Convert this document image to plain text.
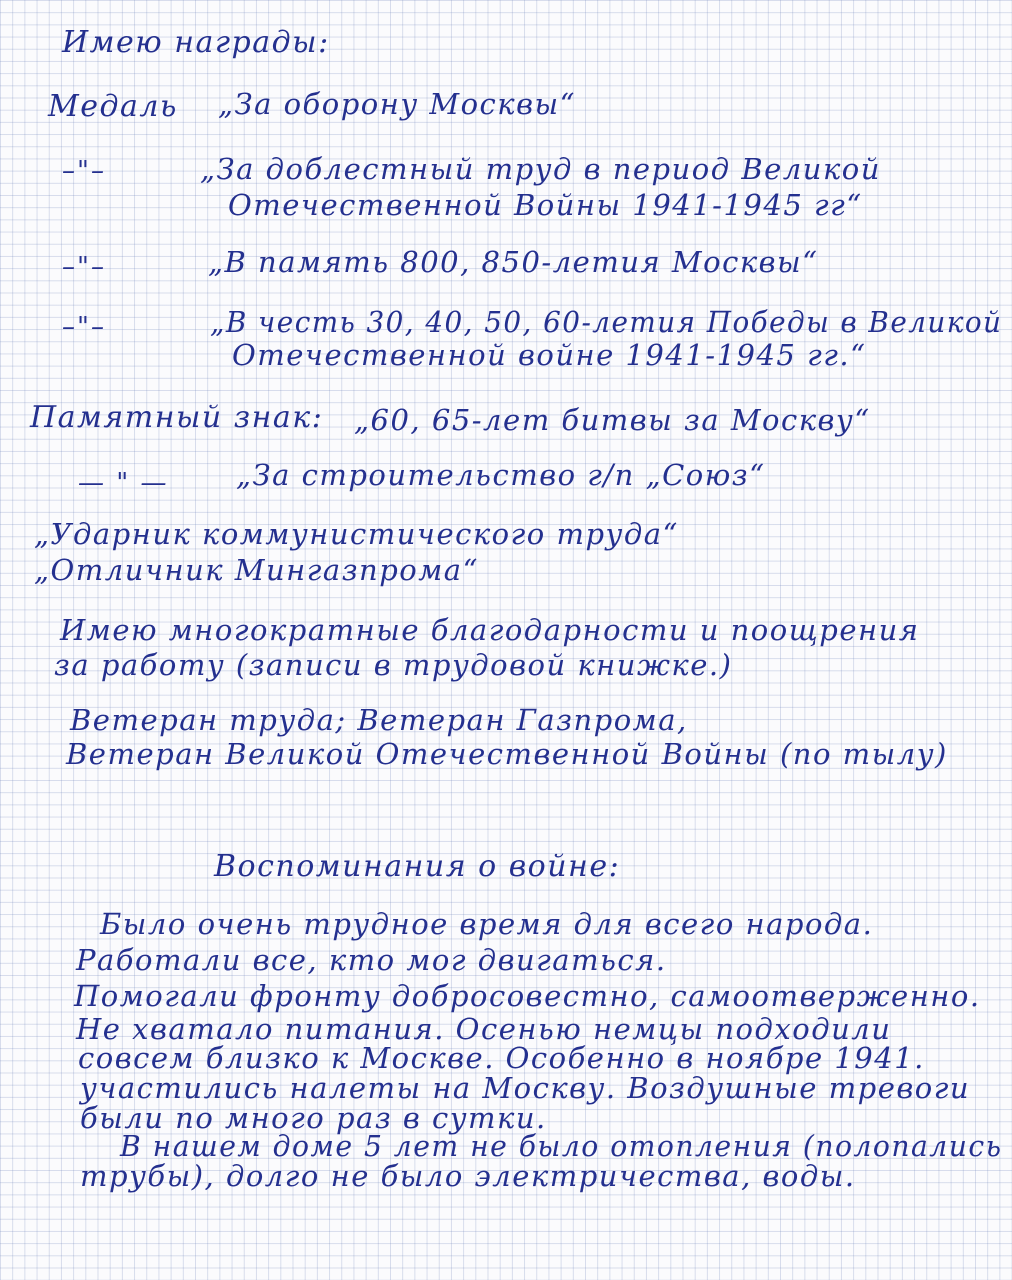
Имею награды:
Медаль „За оборону Москвы“
–"–	„За доблестный труд в период Великой
Отечественной Войны 1941-1945 гг“
–"–	„В память 800, 850-летия Москвы“
–"–	„В честь 30, 40, 50, 60-летия Победы в Великой
Отечественной войне 1941-1945 гг.“
Памятный знак: „60, 65-лет битвы за Москву“
— " — „За строительство г/п „Союз“
„Ударник коммунистического труда“
„Отличник Мингазпрома“
Имею многократные благодарности и поощрения
за работу (записи в трудовой книжке.)
Ветеран труда; Ветеран Газпрома,
Ветеран Великой Отечественной Войны (по тылу)
Воспоминания о войне:
Было очень трудное время для всего народа.
Работали все, кто мог двигаться.
Помогали фронту добросовестно, самоотверженно.
Не хватало питания. Осенью немцы подходили
совсем близко к Москве. Особенно в ноябре 1941.
участились налеты на Москву. Воздушные тревоги
были по много раз в сутки.
В нашем доме 5 лет не было отопления (полопались
трубы), долго не было электричества, воды.
